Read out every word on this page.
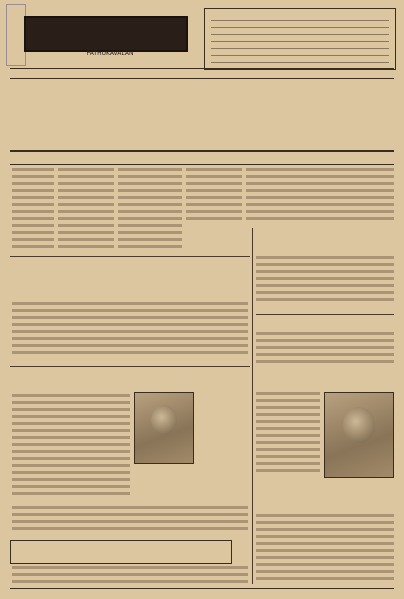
PATHUKAVALAN
